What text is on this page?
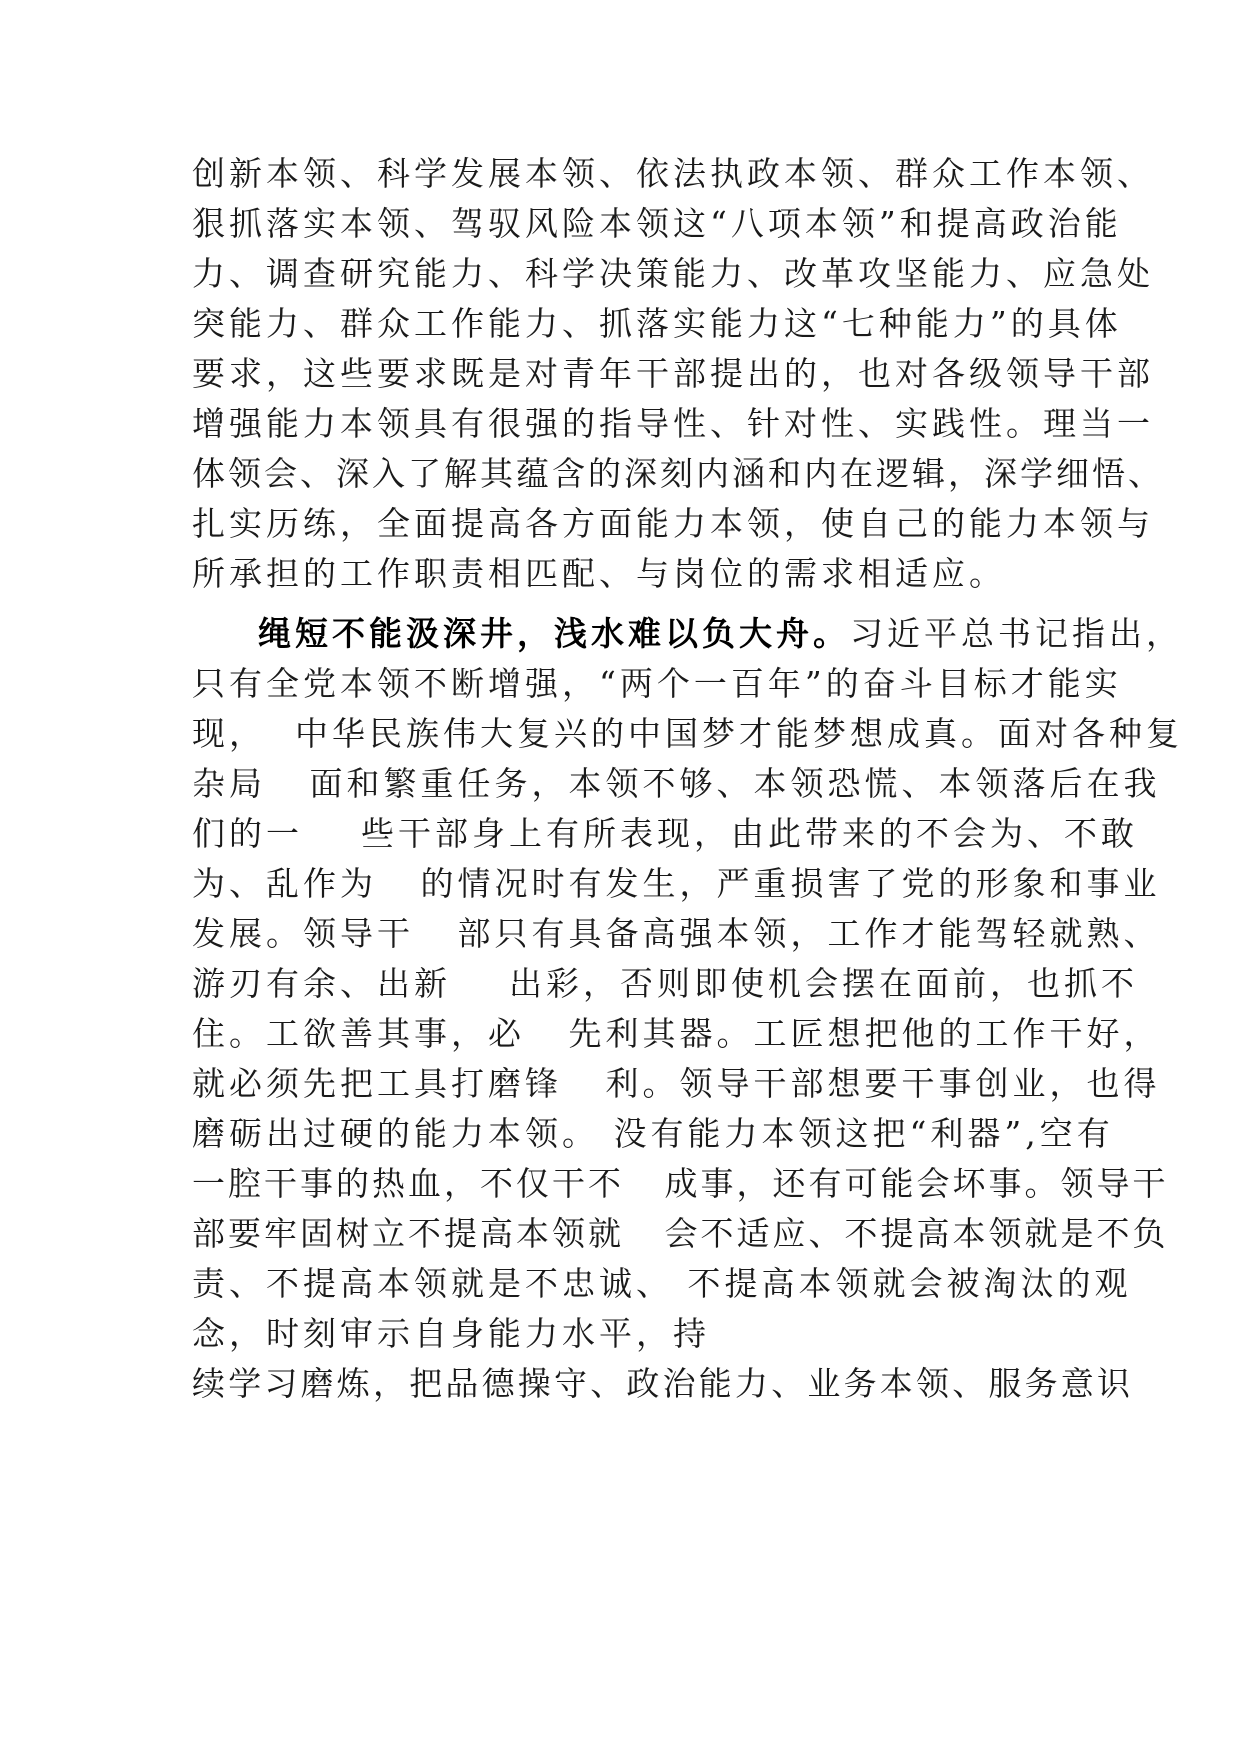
创新本领、科学发展本领、依法执政本领、群众工作本领、
狠抓落实本领、驾驭风险本领这“八项本领”和提高政治能
力、调查研究能力、科学决策能力、改革攻坚能力、应急处
突能力、群众工作能力、抓落实能力这“七种能力”的具体
要求，这些要求既是对青年干部提出的，也对各级领导干部
增强能力本领具有很强的指导性、针对性、实践性。理当一
体领会、深入了解其蕴含的深刻内涵和内在逻辑，深学细悟、
扎实历练，全面提高各方面能力本领，使自己的能力本领与
所承担的工作职责相匹配、与岗位的需求相适应。
绳短不能汲深井，浅水难以负大舟。习近平总书记指出，
只有全党本领不断增强，“两个一百年”的奋斗目标才能实
现，  中华民族伟大复兴的中国梦才能梦想成真。面对各种复
杂局   面和繁重任务，本领不够、本领恐慌、本领落后在我
们的一    些干部身上有所表现，由此带来的不会为、不敢
为、乱作为   的情况时有发生，严重损害了党的形象和事业
发展。领导干   部只有具备高强本领，工作才能驾轻就熟、
游刃有余、出新    出彩，否则即使机会摆在面前，也抓不
住。工欲善其事，必   先利其器。工匠想把他的工作干好，
就必须先把工具打磨锋   利。领导干部想要干事创业，也得
磨砺出过硬的能力本领。 没有能力本领这把“利器”,空有
一腔干事的热血，不仅干不   成事，还有可能会坏事。领导干
部要牢固树立不提高本领就   会不适应、不提高本领就是不负
责、不提高本领就是不忠诚、 不提高本领就会被淘汰的观
念，时刻审示自身能力水平，持
续学习磨炼，把品德操守、政治能力、业务本领、服务意识
